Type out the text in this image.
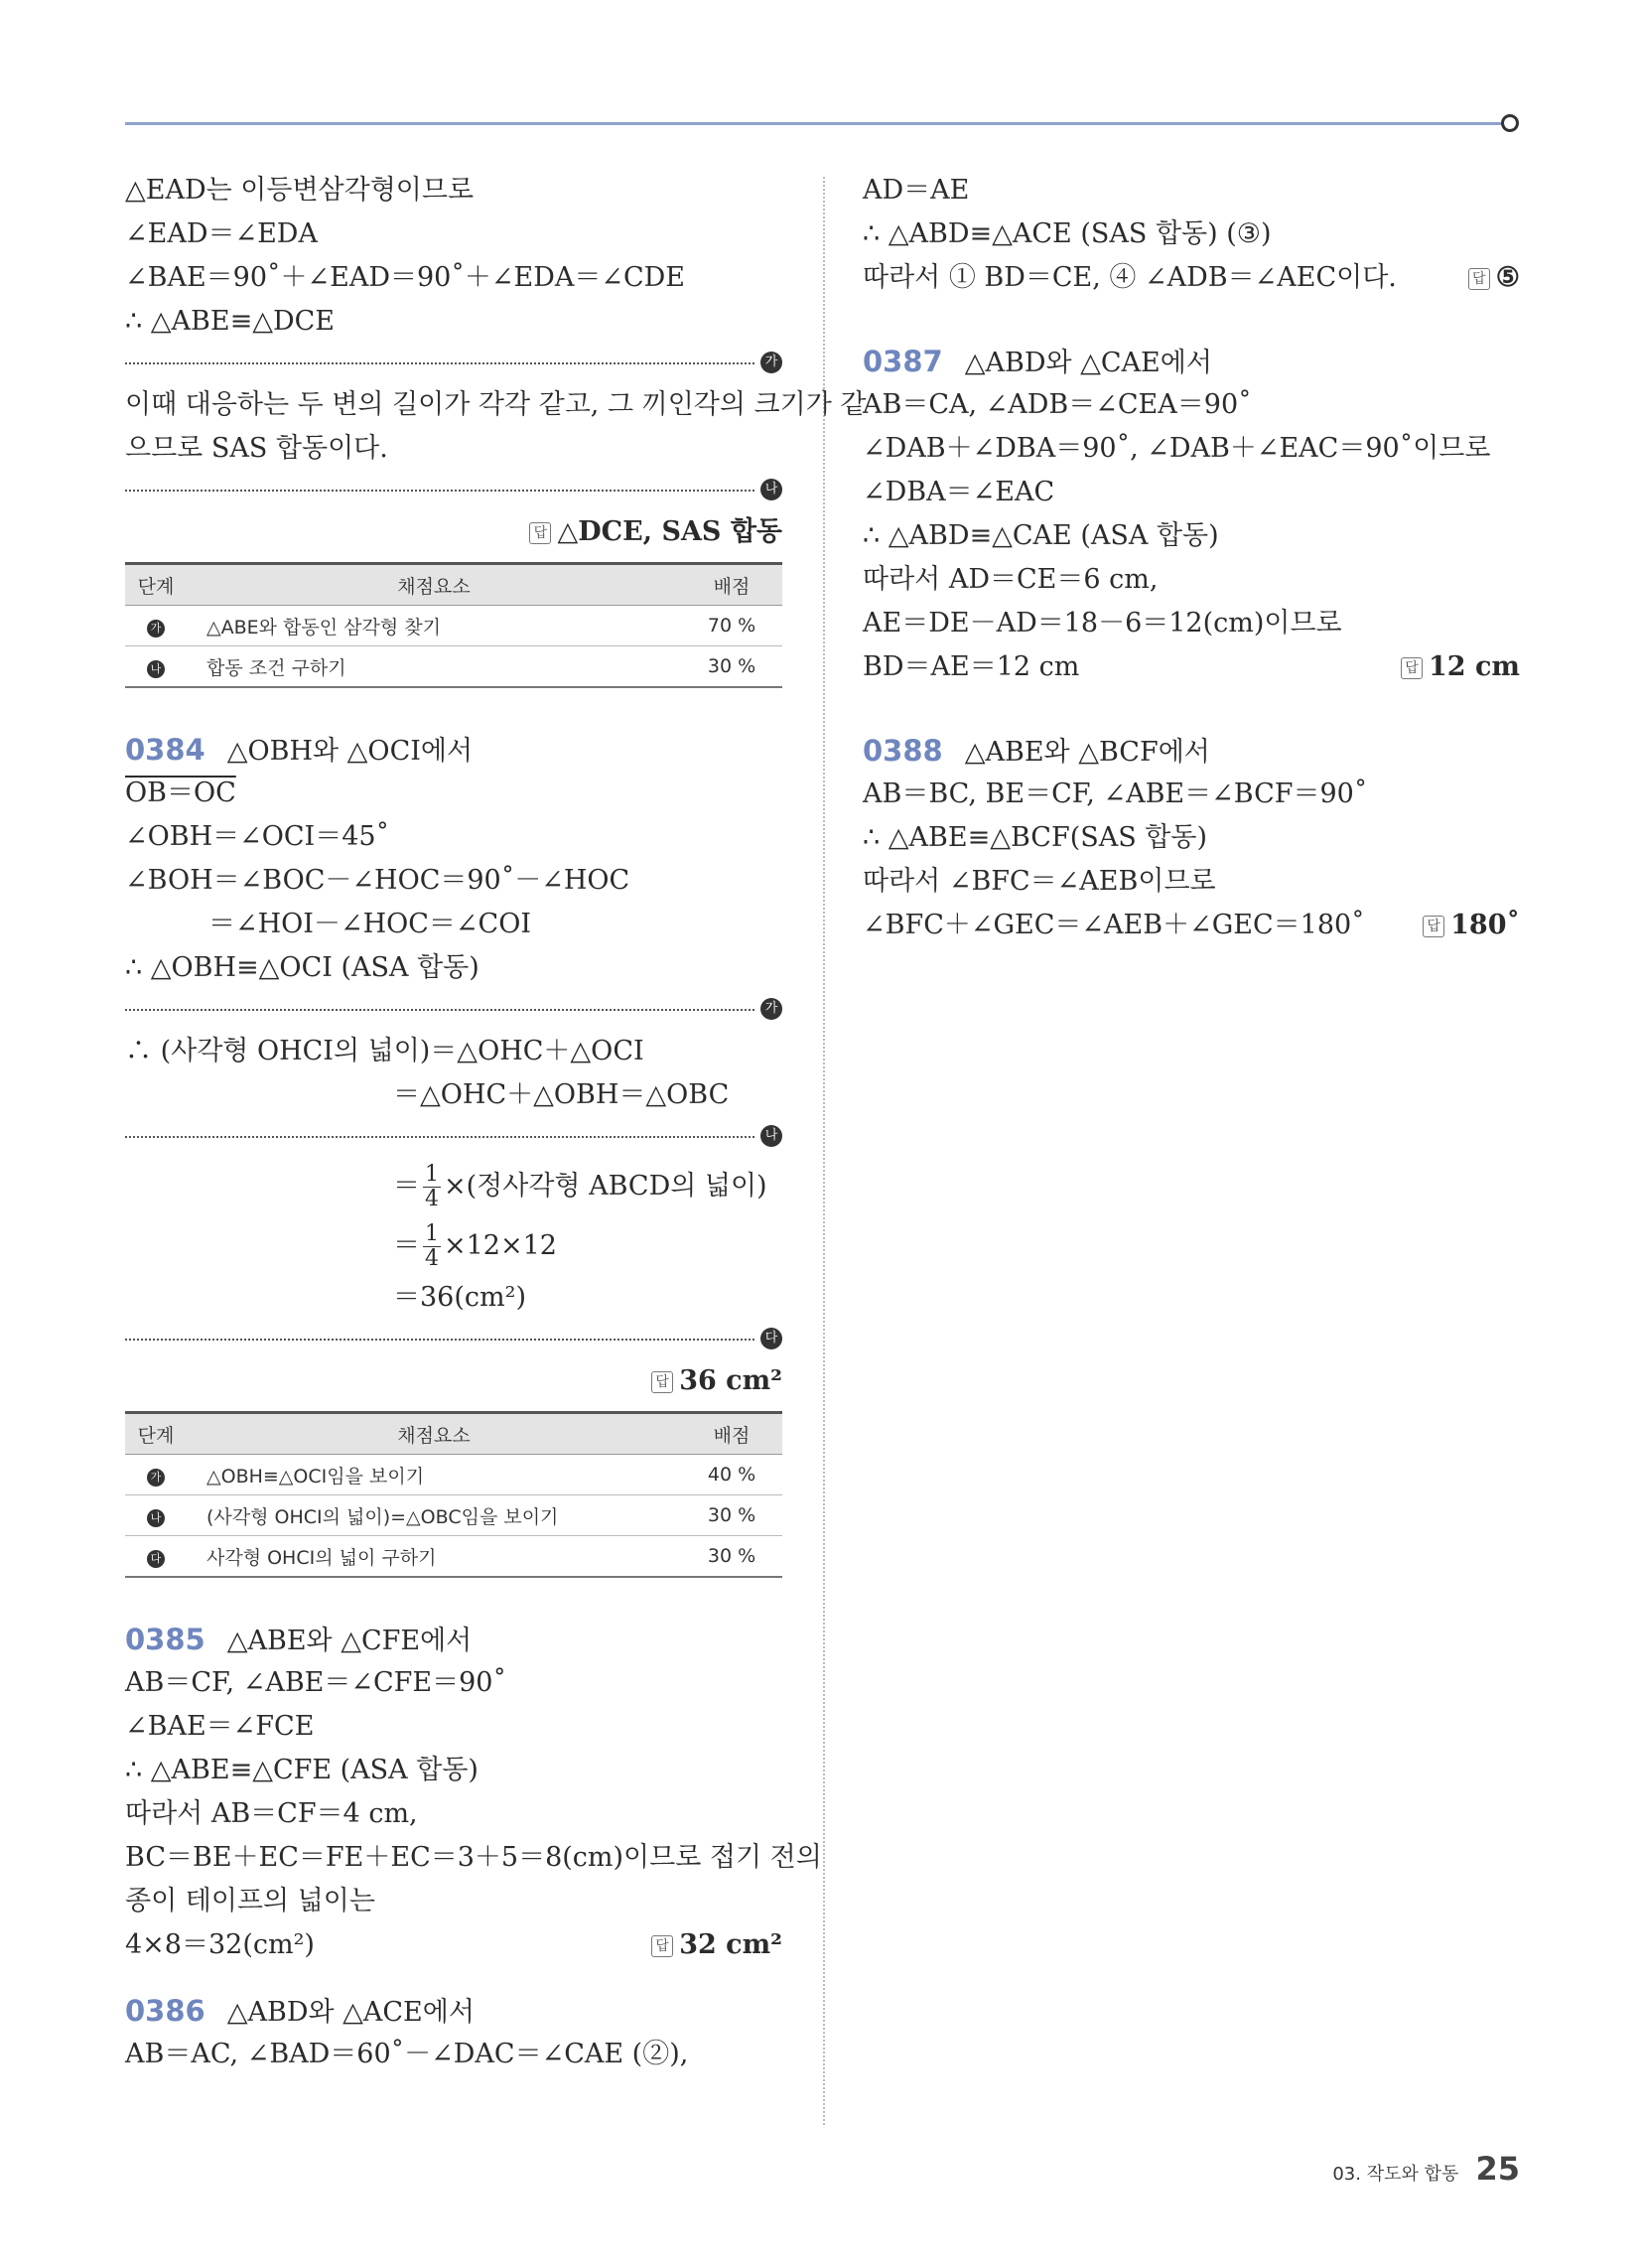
△EAD는 이등변삼각형이므로
∠EAD＝∠EDA
∠BAE＝90˚＋∠EAD＝90˚＋∠EDA＝∠CDE
∴ △ABE≡△DCE
가
이때 대응하는 두 변의 길이가 각각 같고, 그 끼인각의 크기가 같
으므로 SAS 합동이다.
나
답 △DCE, SAS 합동
단계	채점요소	배점
가	△ABE와 합동인 삼각형 찾기	70 %
나	합동 조건 구하기	30 %
0384 △OBH와 △OCI에서
OB＝OC
∠OBH＝∠OCI＝45˚
∠BOH＝∠BOC－∠HOC＝90˚－∠HOC
＝∠HOI－∠HOC＝∠COI
∴ △OBH≡△OCI (ASA 합동)
가
∴ (사각형 OHCI의 넓이)＝△OHC＋△OCI
＝△OHC＋△OBH＝△OBC
나
＝ $\frac{1}{4}$ ×(정사각형 ABCD의 넓이)
＝ $\frac{1}{4} \times 12\times 12$
＝36(cm²)
다
답 36 cm²
단계	채점요소	배점
가	△OBH≡△OCI임을 보이기	40 %
나	(사각형 OHCI의 넓이)=△OBC임을 보이기	30 %
다	사각형 OHCI의 넓이 구하기	30 %
0385 △ABE와 △CFE에서
AB＝CF, ∠ABE＝∠CFE＝90˚
∠BAE＝∠FCE
∴ △ABE≡△CFE (ASA 합동)
따라서 AB＝CF＝4 cm,
BC＝BE＋EC＝FE＋EC＝3＋5＝8(cm)이므로 접기 전의
종이 테이프의 넓이는
4×8＝32(cm²)	답 32 cm²
0386 △ABD와 △ACE에서
AB＝AC, ∠BAD＝60˚－∠DAC＝∠CAE (②),
AD＝AE
∴ △ABD≡△ACE (SAS 합동) (③)
따라서 ① BD＝CE, ④ ∠ADB＝∠AEC이다.	답 ⑤
0387 △ABD와 △CAE에서
AB＝CA, ∠ADB＝∠CEA＝90˚
∠DAB＋∠DBA＝90˚, ∠DAB＋∠EAC＝90˚이므로
∠DBA＝∠EAC
∴ △ABD≡△CAE (ASA 합동)
따라서 AD＝CE＝6 cm,
AE＝DE－AD＝18－6＝12(cm)이므로
BD＝AE＝12 cm	답 12 cm
0388 △ABE와 △BCF에서
AB＝BC, BE＝CF, ∠ABE＝∠BCF＝90˚
∴ △ABE≡△BCF(SAS 합동)
따라서 ∠BFC＝∠AEB이므로
∠BFC＋∠GEC＝∠AEB＋∠GEC＝180˚	답 180˚
03. 작도와 합동 25
